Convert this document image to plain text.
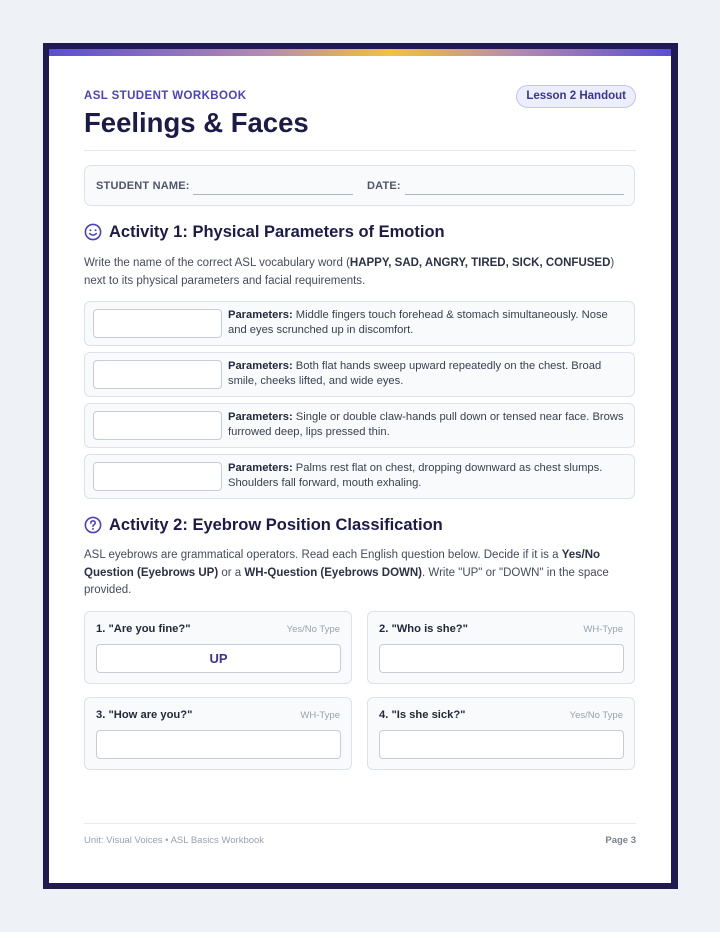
ASL STUDENT WORKBOOK	Lesson 2 Handout
Feelings & Faces
STUDENT NAME:	DATE:
Activity 1: Physical Parameters of Emotion
Write the name of the correct ASL vocabulary word (HAPPY, SAD, ANGRY, TIRED, SICK, CONFUSED) next to its physical parameters and facial requirements.
Parameters: Middle fingers touch forehead & stomach simultaneously. Nose and eyes scrunched up in discomfort.
Parameters: Both flat hands sweep upward repeatedly on the chest. Broad smile, cheeks lifted, and wide eyes.
Parameters: Single or double claw-hands pull down or tensed near face. Brows furrowed deep, lips pressed thin.
Parameters: Palms rest flat on chest, dropping downward as chest slumps. Shoulders fall forward, mouth exhaling.
Activity 2: Eyebrow Position Classification
ASL eyebrows are grammatical operators. Read each English question below. Decide if it is a Yes/No Question (Eyebrows UP) or a WH-Question (Eyebrows DOWN). Write "UP" or "DOWN" in the space provided.
1. "Are you fine?"	Yes/No Type
UP
2. "Who is she?"	WH-Type
3. "How are you?"	WH-Type	4. "Is she sick?"	Yes/No Type
Unit: Visual Voices • ASL Basics Workbook	Page 3
